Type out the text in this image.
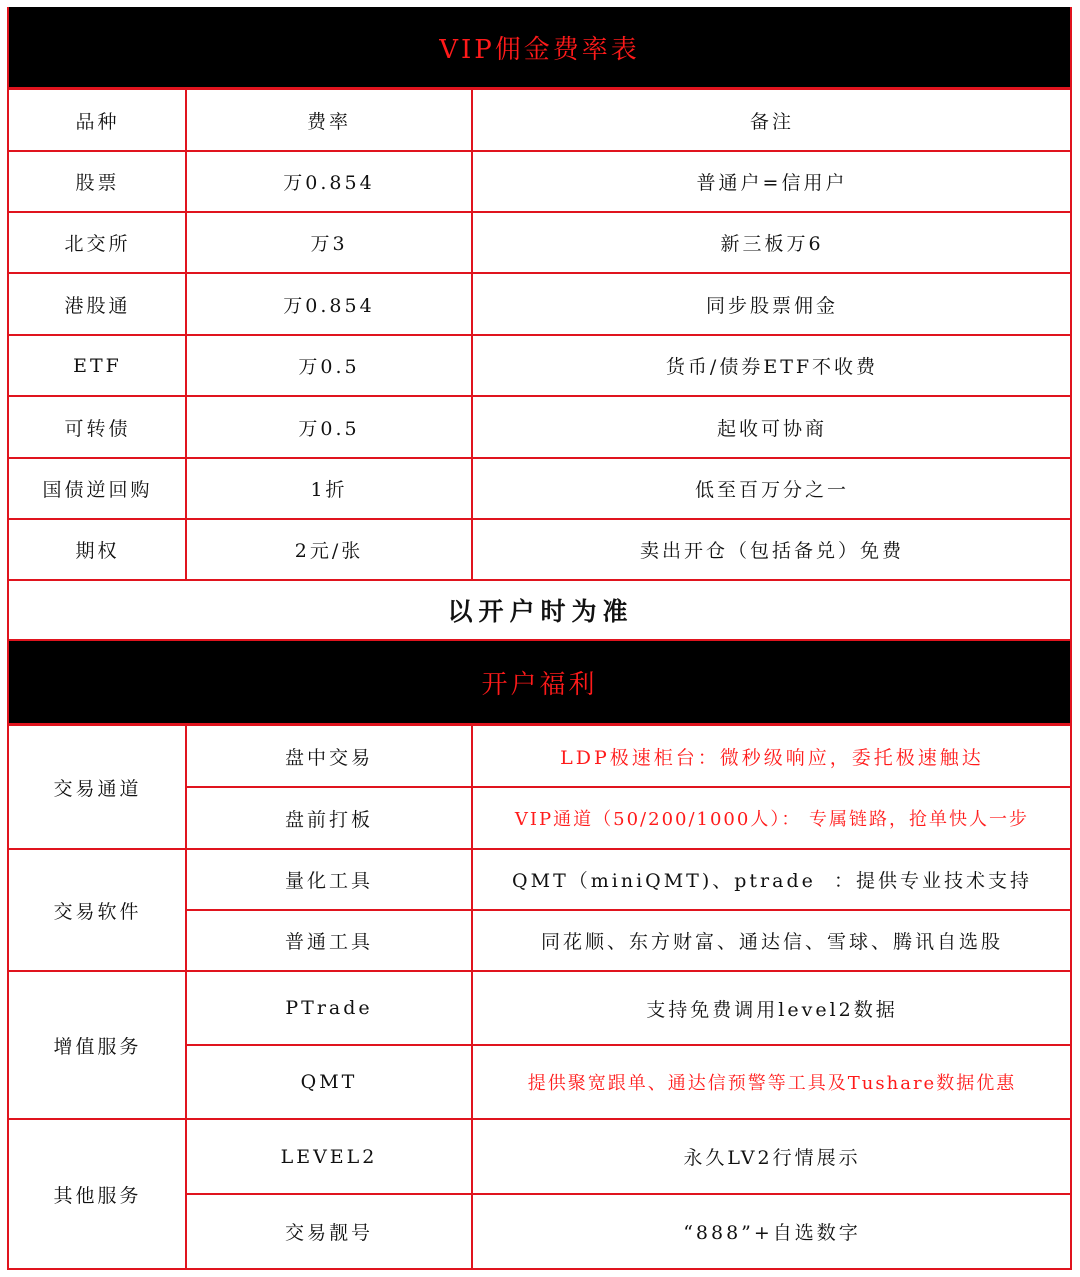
VIP佣金费率表
品种	费率	备注
股票	万0.854	普通户=信用户
北交所	万3	新三板万6
港股通	万0.854	同步股票佣金
ETF	万0.5	货币/债券ETF不收费
可转债	万0.5	起收可协商
国债逆回购	1折	低至百万分之一
期权	2元/张	卖出开仓（包括备兑）免费
以开户时为准
开户福利
交易通道
盘中交易	LDP极速柜台：微秒级响应，委托极速触达
盘前打板	VIP通道（50/200/1000人）： 专属链路，抢单快人一步
交易软件
量化工具	QMT（miniQMT)、ptrade  ：提供专业技术支持
普通工具	同花顺、东方财富、通达信、雪球、腾讯自选股
增值服务
PTrade	支持免费调用level2数据
QMT	提供聚宽跟单、通达信预警等工具及Tushare数据优惠
其他服务
LEVEL2	永久LV2行情展示
交易靓号	“888”+自选数字
